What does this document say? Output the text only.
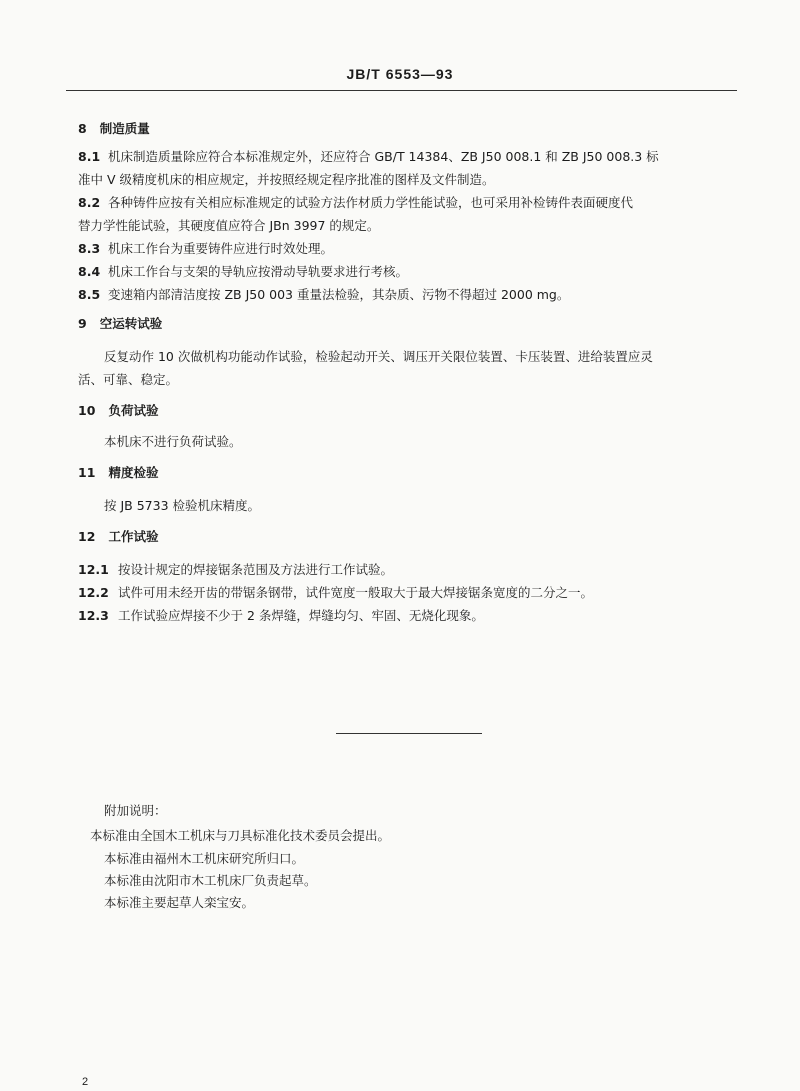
JB/T 6553—93
8 制造质量
8.1 机床制造质量除应符合本标准规定外，还应符合 GB/T 14384、ZB J50 008.1 和 ZB J50 008.3 标
准中 V 级精度机床的相应规定，并按照经规定程序批准的图样及文件制造。
8.2 各种铸件应按有关相应标准规定的试验方法作材质力学性能试验，也可采用补检铸件表面硬度代
替力学性能试验，其硬度值应符合 JBn 3997 的规定。
8.3 机床工作台为重要铸件应进行时效处理。
8.4 机床工作台与支架的导轨应按滑动导轨要求进行考核。
8.5 变速箱内部清洁度按 ZB J50 003 重量法检验，其杂质、污物不得超过 2000 mg。
9 空运转试验
反复动作 10 次做机构功能动作试验，检验起动开关、调压开关限位装置、卡压装置、进给装置应灵
活、可靠、稳定。
10 负荷试验
本机床不进行负荷试验。
11 精度检验
按 JB 5733 检验机床精度。
12 工作试验
12.1 按设计规定的焊接锯条范围及方法进行工作试验。
12.2 试件可用未经开齿的带锯条钢带，试件宽度一般取大于最大焊接锯条宽度的二分之一。
12.3 工作试验应焊接不少于 2 条焊缝，焊缝均匀、牢固、无烧化现象。
附加说明：
本标准由全国木工机床与刀具标准化技术委员会提出。
本标准由福州木工机床研究所归口。
本标准由沈阳市木工机床厂负责起草。
本标准主要起草人栾宝安。
2
